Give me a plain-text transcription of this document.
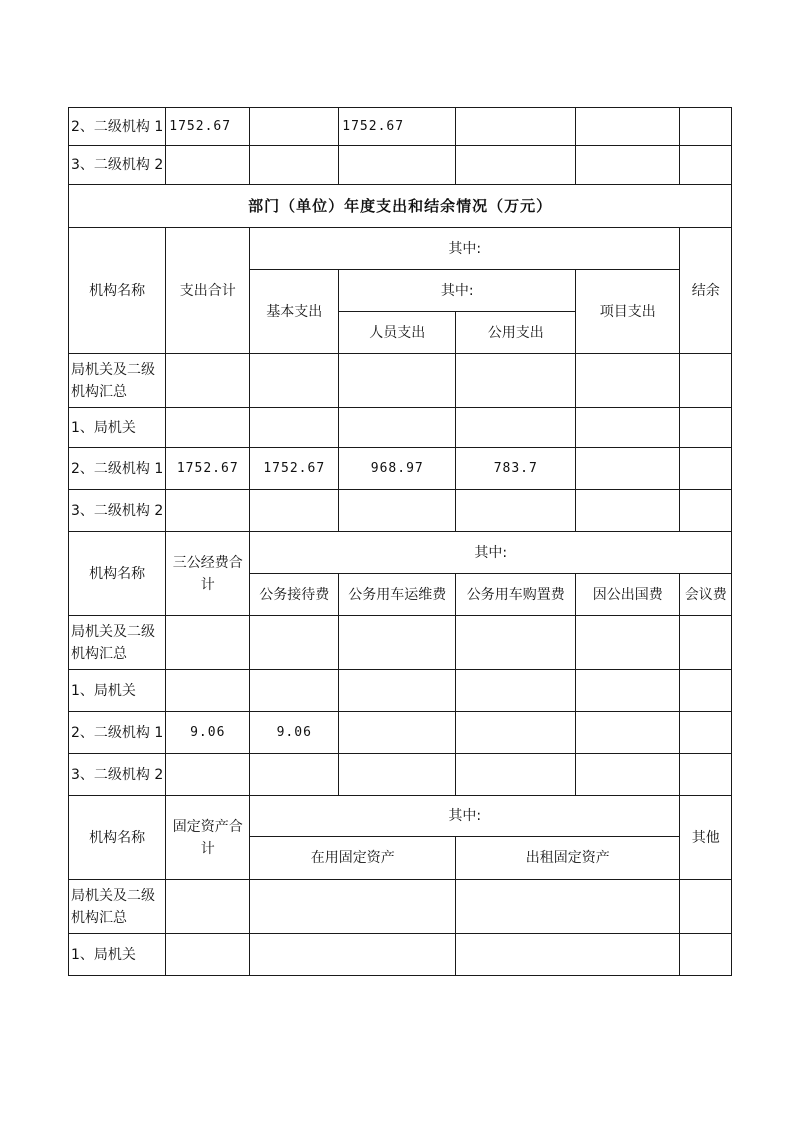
2、二级机构 1	1752.67		1752.67			
3、二级机构 2						
部门（单位）年度支出和结余情况（万元）						
机构名称	支出合计	其中:				结余
		基本支出	其中:		项目支出	
			人员支出	公用支出		
局机关及二级机构汇总						
1、局机关						
2、二级机构 1	1752.67	1752.67	968.97	783.7		
3、二级机构 2						
机构名称	三公经费合计	其中:				
		公务接待费	公务用车运维费	公务用车购置费	因公出国费	会议费
局机关及二级机构汇总						
1、局机关						
2、二级机构 1	9.06	9.06				
3、二级机构 2						
机构名称	固定资产合计	其中:				其他
		在用固定资产		出租固定资产		
局机关及二级机构汇总						
1、局机关						
